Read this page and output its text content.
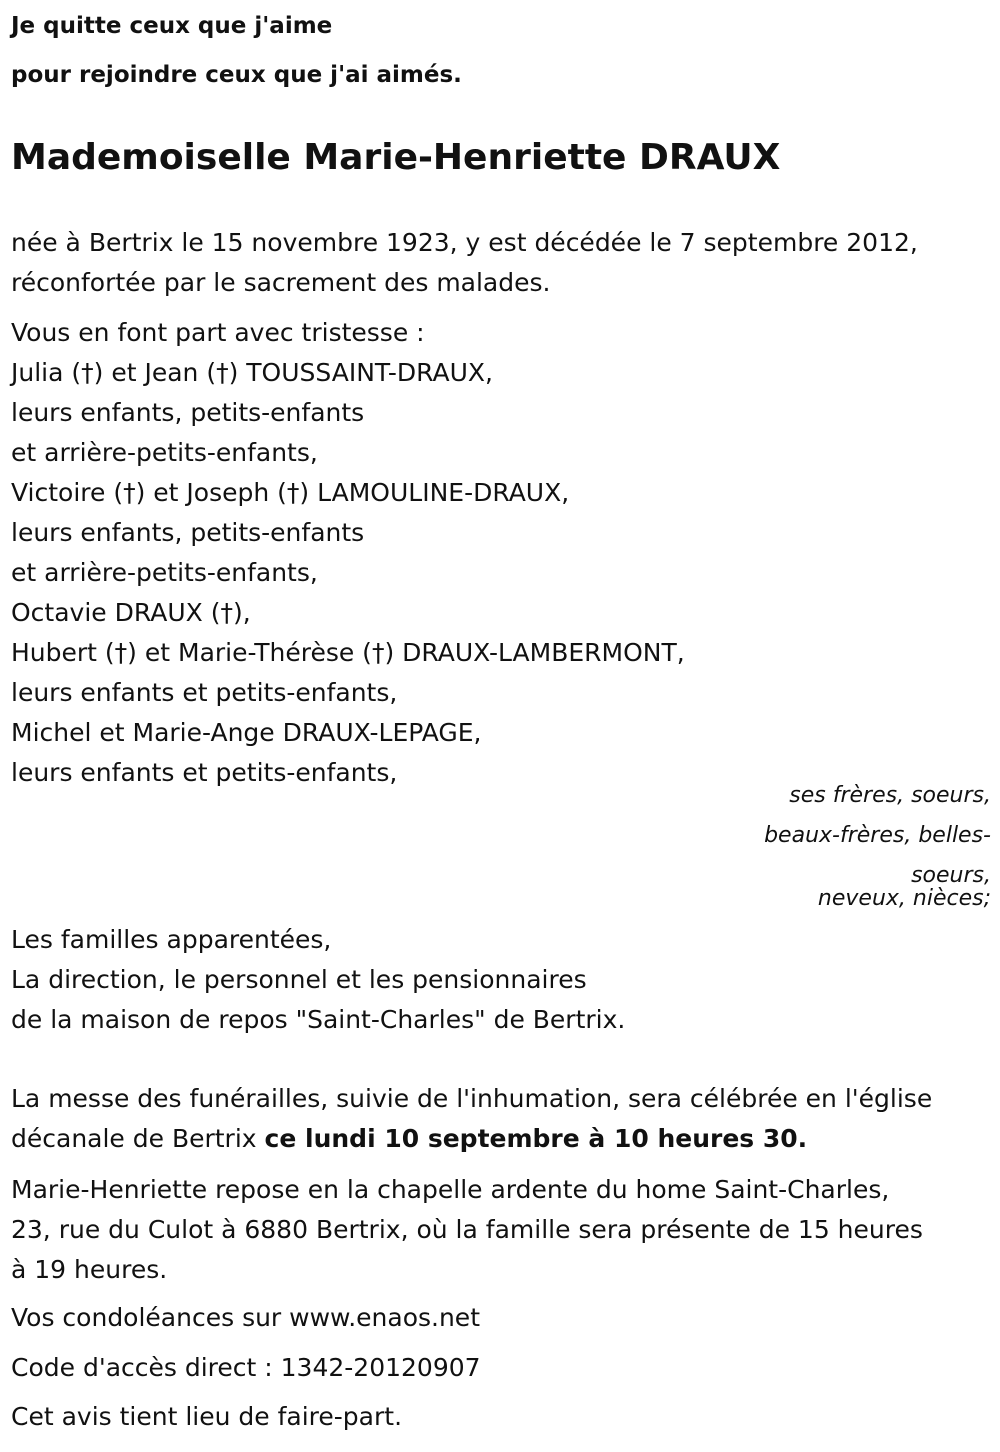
Je quitte ceux que j'aime
pour rejoindre ceux que j'ai aimés.
Mademoiselle Marie-Henriette DRAUX
née à Bertrix le 15 novembre 1923, y est décédée le 7 septembre 2012,
réconfortée par le sacrement des malades.
Vous en font part avec tristesse :
Julia (†) et Jean (†) TOUSSAINT-DRAUX,
leurs enfants, petits-enfants
et arrière-petits-enfants,
Victoire (†) et Joseph (†) LAMOULINE-DRAUX,
leurs enfants, petits-enfants
et arrière-petits-enfants,
Octavie DRAUX (†),
Hubert (†) et Marie-Thérèse (†) DRAUX-LAMBERMONT,
leurs enfants et petits-enfants,
Michel et Marie-Ange DRAUX-LEPAGE,
leurs enfants et petits-enfants,
ses frères, soeurs,
beaux-frères, belles-
soeurs,
neveux, nièces;
Les familles apparentées,
La direction, le personnel et les pensionnaires
de la maison de repos "Saint-Charles" de Bertrix.
La messe des funérailles, suivie de l'inhumation, sera célébrée en l'église
décanale de Bertrix ce lundi 10 septembre à 10 heures 30.
Marie-Henriette repose en la chapelle ardente du home Saint-Charles,
23, rue du Culot à 6880 Bertrix, où la famille sera présente de 15 heures
à 19 heures.
Vos condoléances sur www.enaos.net
Code d'accès direct : 1342-20120907
Cet avis tient lieu de faire-part.
